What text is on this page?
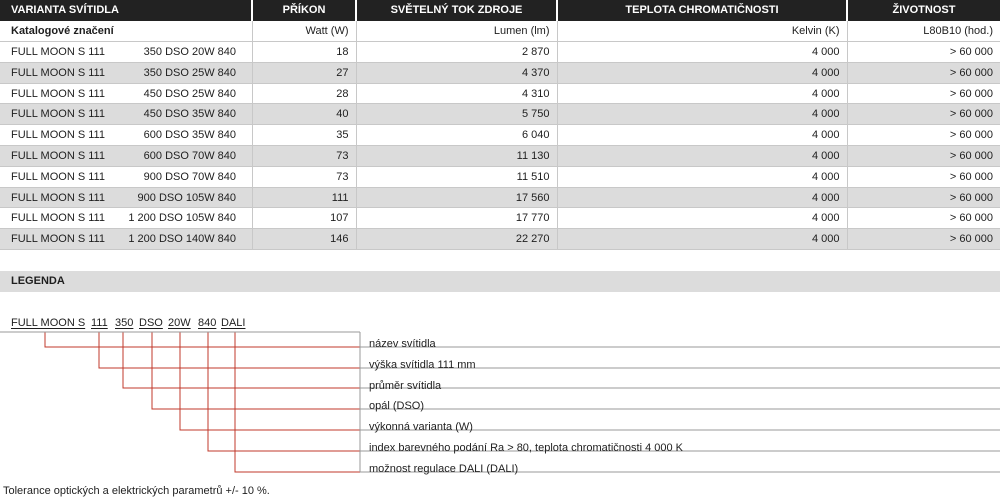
VARIANTA SVÍTIDLA	PŘÍKON	SVĚTELNÝ TOK ZDROJE	TEPLOTA CHROMATIČNOSTI	ŽIVOTNOST
Katalogové značení	Watt (W)	Lumen (lm)	Kelvin (K)	L80B10 (hod.)
FULL MOON S 111 350 DSO 20W 840	18	2 870	4 000	> 60 000
FULL MOON S 111 350 DSO 25W 840	27	4 370	4 000	> 60 000
FULL MOON S 111 450 DSO 25W 840	28	4 310	4 000	> 60 000
FULL MOON S 111 450 DSO 35W 840	40	5 750	4 000	> 60 000
FULL MOON S 111 600 DSO 35W 840	35	6 040	4 000	> 60 000
FULL MOON S 111 600 DSO 70W 840	73	11 130	4 000	> 60 000
FULL MOON S 111 900 DSO 70W 840	73	11 510	4 000	> 60 000
FULL MOON S 111 900 DSO 105W 840	111	17 560	4 000	> 60 000
FULL MOON S 111 1 200 DSO 105W 840	107	17 770	4 000	> 60 000
FULL MOON S 111 1 200 DSO 140W 840	146	22 270	4 000	> 60 000
LEGENDA
FULL MOON S 111 350 DSO 20W 840 DALI
název svítidla
výška svítidla 111 mm
průměr svítidla
opál (DSO)
výkonná varianta (W)
index barevného podání Ra > 80, teplota chromatičnosti 4 000 K
možnost regulace DALI (DALI)
Tolerance optických a elektrických parametrů +/- 10 %.
